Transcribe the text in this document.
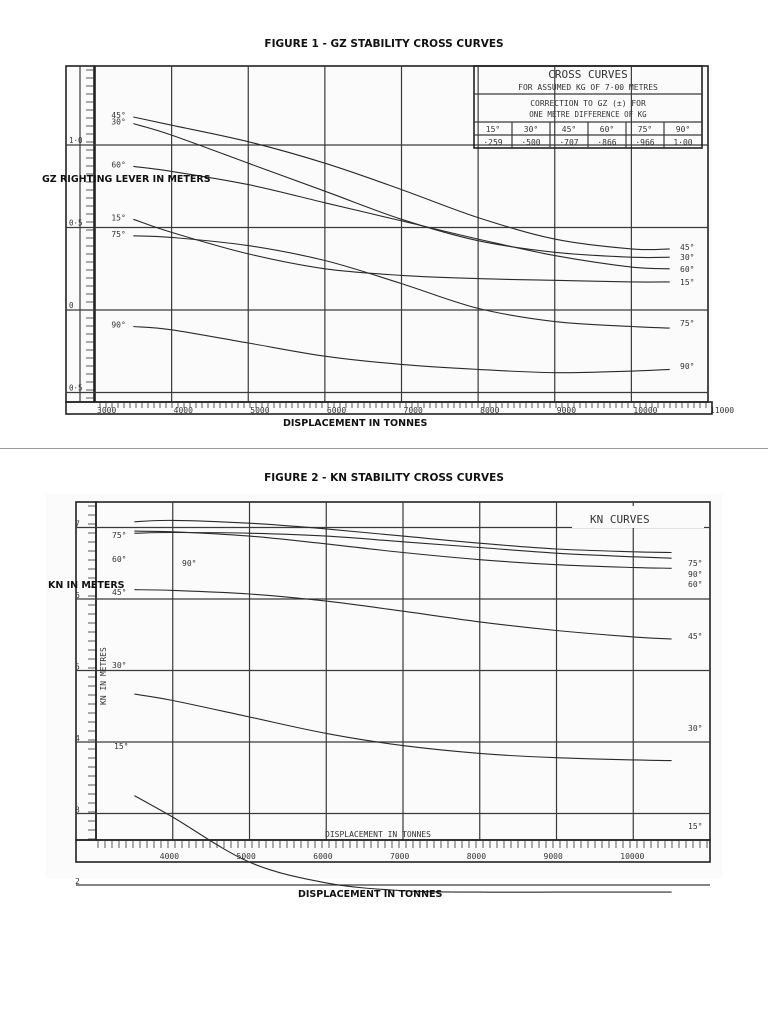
FIGURE 1 - GZ STABILITY CROSS CURVES
1·0
0·5
0
0·5
3000	4000	5000	6000	7000	8000	9000	10000	11000
45°
30°
60°
15°
75°
90°
45°
30°
60°
15°
75°
90°
CROSS CURVES
FOR ASSUMED KG OF 7·00 METRES
CORRECTION TO GZ (±) FOR
ONE METRE DIFFERENCE OF KG
15°	30°	45°	60°	75°	90°
·259 ·500 ·707 ·866 ·966 1·00
GZ RIGHTING LEVER IN METERS
DISPLACEMENT IN TONNES
FIGURE 2 - KN STABILITY CROSS CURVES
7
6
5
4
3
2
4000	5000	6000	7000	8000	9000	10000
DISPLACEMENT IN TONNES
KN IN METRES
KN CURVES
75°
90°
60°
45°
30°
15°
75°
90°
60°
45°
30°
15°
KN IN METERS
DISPLACEMENT IN TONNES
